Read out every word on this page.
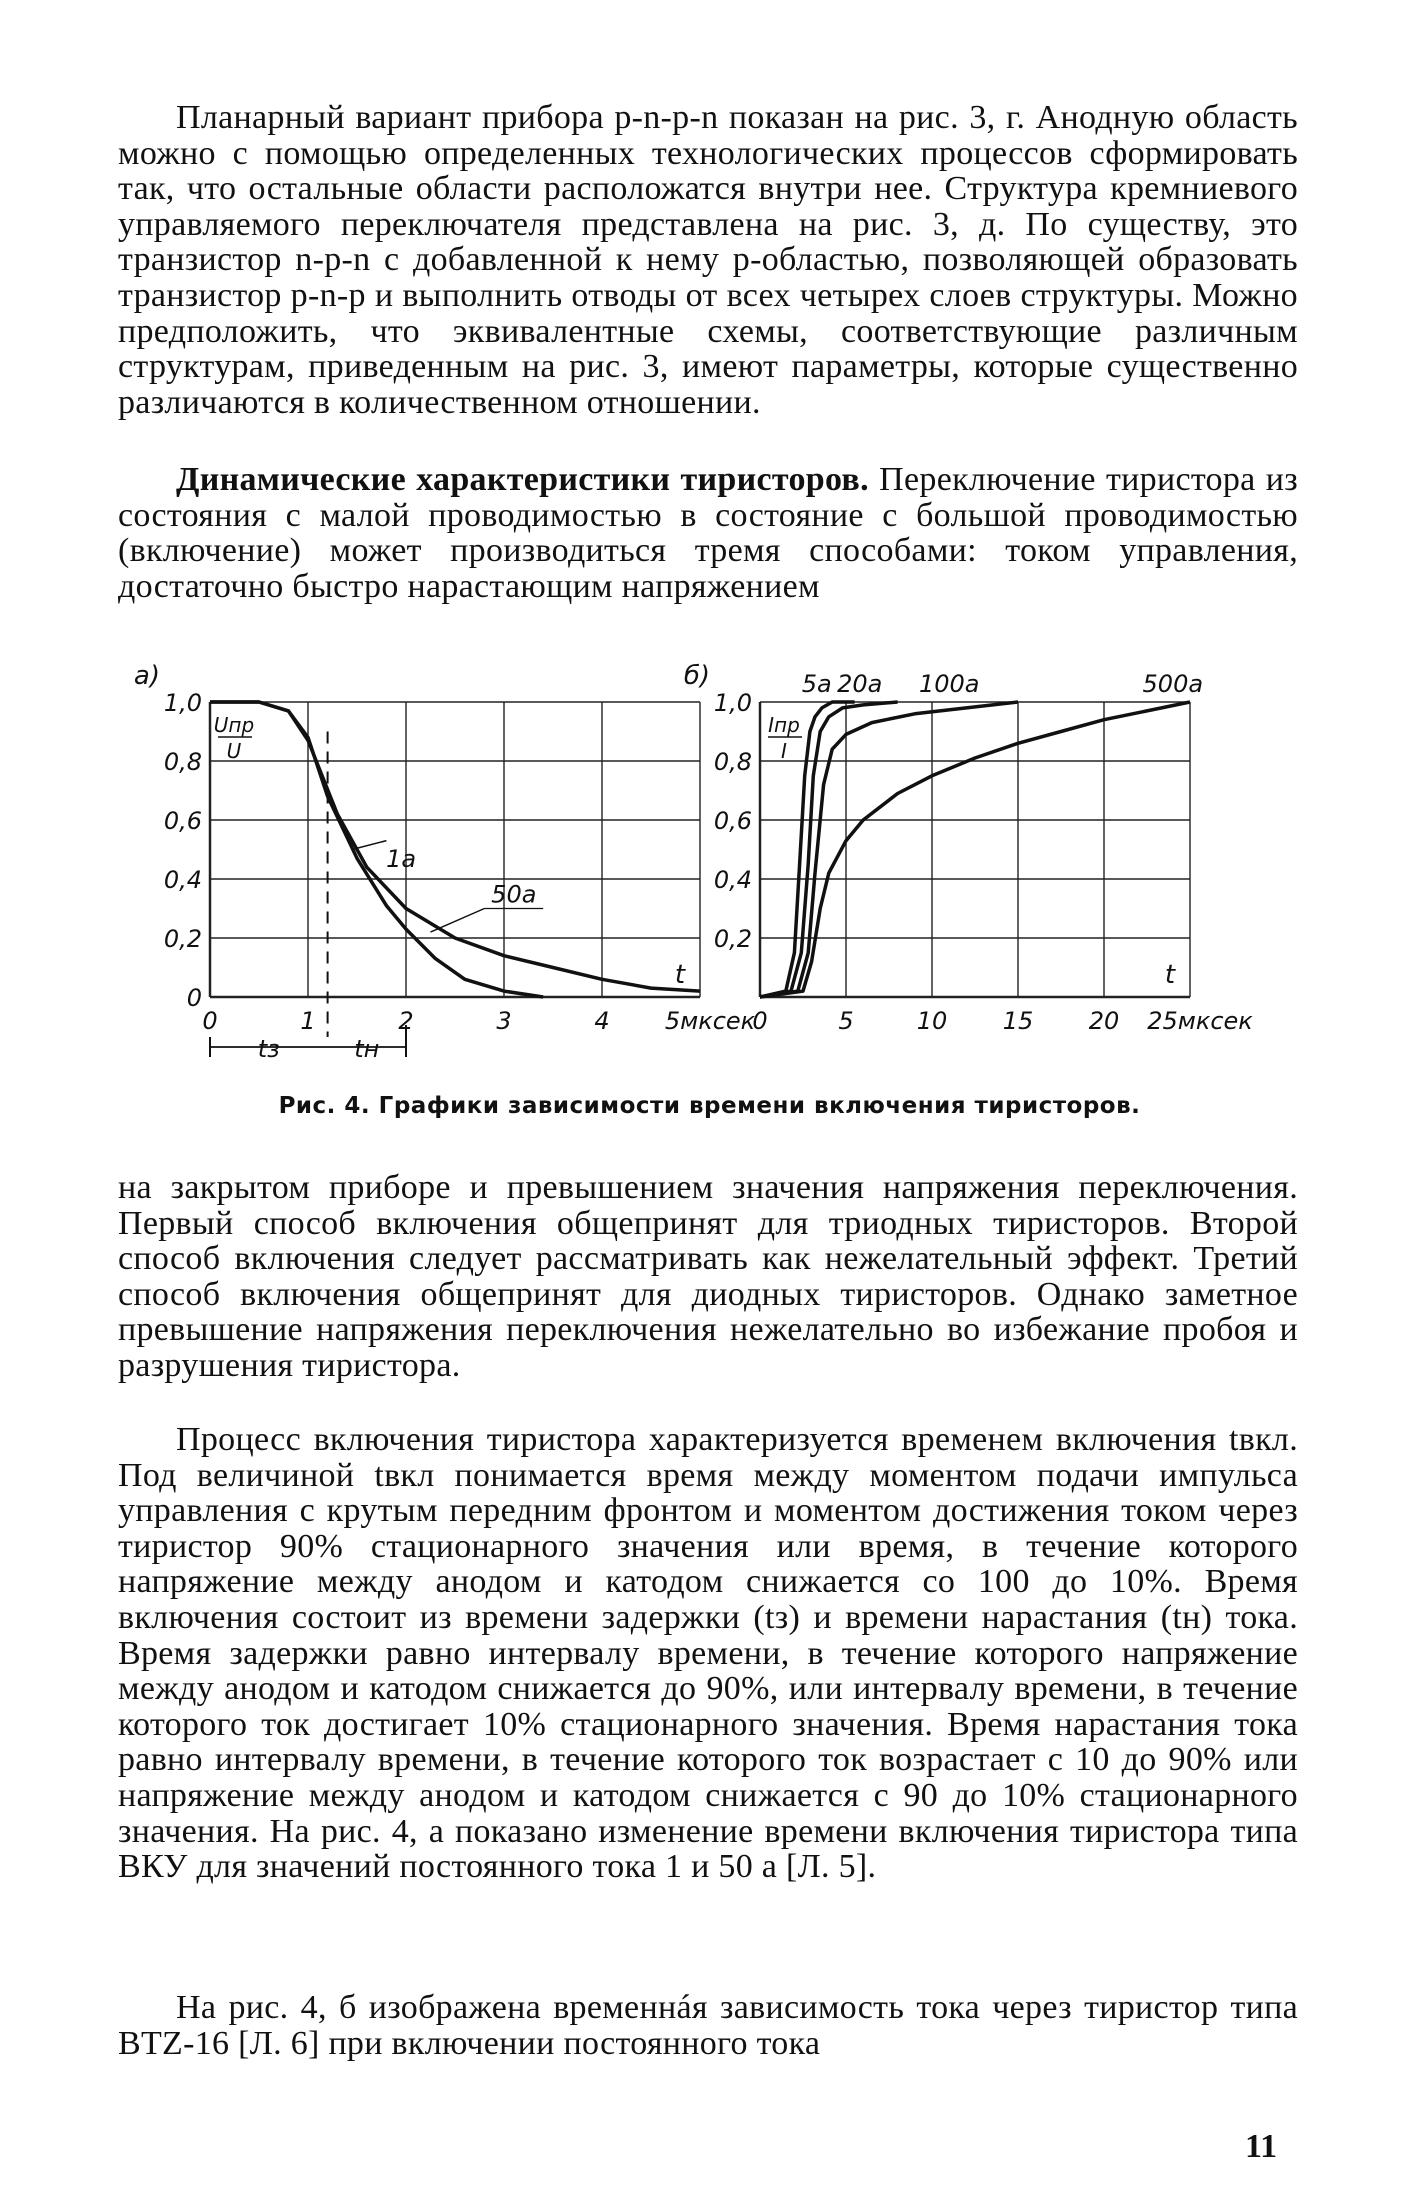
Планарный вариант прибора p-n-p-n показан на рис. 3, г. Анодную область можно с помощью определенных технологических процессов сформировать так, что остальные области расположатся внутри нее. Структура кремниевого управляемого переключателя представлена на рис. 3, д. По существу, это транзистор n-p-n с добавленной к нему p-областью, позволяющей образовать транзистор p-n-p и выполнить отводы от всех четырех слоев структуры. Можно предположить, что эквивалентные схемы, соответствующие различным структурам, приведенным на рис. 3, имеют параметры, которые существенно различаются в количественном отношении.
Динамические характеристики тиристоров. Переключение тиристора из состояния с малой проводимостью в состояние с большой проводимостью (включение) может производиться тремя способами: током управления, достаточно быстро нарастающим напряжением
0	1	2	3	4 5мксек
0
0,2
0,4
0,6
0,8
1,0
а)
Uпр
U
t
1а
50а
tз	tн
0	5	10 15 20 25мксек
0,2
0,4
0,6
0,8
1,0
б)
Iпр
I
t
5а 20а 100а	500а
Рис. 4. Графики зависимости времени включения тиристоров.
на закрытом приборе и превышением значения напряжения переключения. Первый способ включения общепринят для триодных тиристоров. Второй способ включения следует рассматривать как нежелательный эффект. Третий способ включения общепринят для диодных тиристоров. Однако заметное превышение напряжения переключения нежелательно во избежание пробоя и разрушения тиристора.
Процесс включения тиристора характеризуется временем включения tвкл. Под величиной tвкл понимается время между моментом подачи импульса управления с крутым передним фронтом и моментом достижения током через тиристор 90% стационарного значения или время, в течение которого напряжение между анодом и катодом снижается со 100 до 10%. Время включения состоит из времени задержки (tз) и времени нарастания (tн) тока. Время задержки равно интервалу времени, в течение которого напряжение между анодом и катодом снижается до 90%, или интервалу времени, в течение которого ток достигает 10% стационарного значения. Время нарастания тока равно интервалу времени, в течение которого ток возрастает с 10 до 90% или напряжение между анодом и катодом снижается с 90 до 10% стационарного значения. На рис. 4, а показано изменение времени включения тиристора типа ВКУ для значений постоянного тока 1 и 50 а [Л. 5].
На рис. 4, б изображена временнáя зависимость тока через тиристор типа BTZ-16 [Л. 6] при включении постоянного тока
11
